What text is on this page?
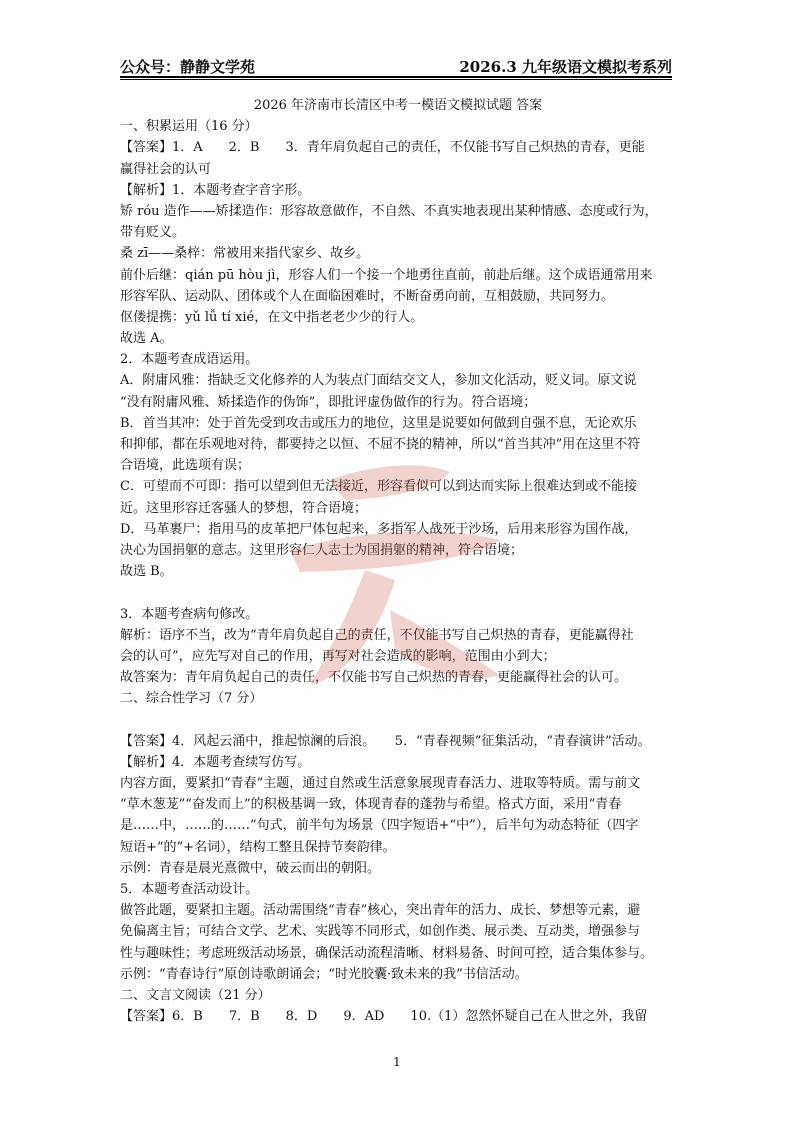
公众号：静静文学苑	2026.3 九年级语文模拟考系列
2026 年济南市长清区中考一模语文模拟试题 答案
一、积累运用（16 分）
【答案】1．A　　2．B　　3．青年肩负起自己的责任，不仅能书写自己炽热的青春，更能
赢得社会的认可
【解析】1．本题考查字音字形。
矫 róu 造作——矫揉造作：形容故意做作，不自然、不真实地表现出某种情感、态度或行为，
带有贬义。
桑 zī——桑梓：常被用来指代家乡、故乡。
前仆后继：qián pū hòu jì，形容人们一个接一个地勇往直前，前赴后继。这个成语通常用来
形容军队、运动队、团体或个人在面临困难时，不断奋勇向前，互相鼓励，共同努力。
伛偻提携：yǔ lǚ tí xié，在文中指老老少少的行人。
故选 A。
2．本题考查成语运用。
A．附庸风雅：指缺乏文化修养的人为装点门面结交文人，参加文化活动，贬义词。原文说
“没有附庸风雅、矫揉造作的伪饰”，即批评虚伪做作的行为。符合语境；
B．首当其冲：处于首先受到攻击或压力的地位，这里是说要如何做到自强不息，无论欢乐
和抑郁，都在乐观地对待，都要持之以恒、不屈不挠的精神，所以“首当其冲”用在这里不符
合语境，此选项有误；
C．可望而不可即：指可以望到但无法接近，形容看似可以到达而实际上很难达到或不能接
近。这里形容迁客骚人的梦想，符合语境；
D．马革裹尸：指用马的皮革把尸体包起来，多指军人战死于沙场，后用来形容为国作战，
决心为国捐躯的意志。这里形容仁人志士为国捐躯的精神，符合语境；
故选 B。
3．本题考查病句修改。
解析：语序不当，改为“青年肩负起自己的责任，不仅能书写自己炽热的青春，更能赢得社
会的认可”，应先写对自己的作用，再写对社会造成的影响，范围由小到大；
故答案为：青年肩负起自己的责任，不仅能书写自己炽热的青春，更能赢得社会的认可。
二、综合性学习（7 分）
【答案】4．风起云涌中，推起惊澜的后浪。　　5．“青春视频”征集活动，“青春演讲”活动。
【解析】4．本题考查续写仿写。
内容方面，要紧扣“青春”主题，通过自然或生活意象展现青春活力、进取等特质。需与前文
“草木葱茏”“奋发而上”的积极基调一致，体现青春的蓬勃与希望。格式方面，采用“青春
是……中，……的……”句式，前半句为场景（四字短语+“中”），后半句为动态特征（四字
短语+“的”+名词），结构工整且保持节奏韵律。
示例：青春是晨光熹微中，破云而出的朝阳。
5．本题考查活动设计。
做答此题，要紧扣主题。活动需围绕“青春”核心，突出青年的活力、成长、梦想等元素，避
免偏离主旨；可结合文学、艺术、实践等不同形式，如创作类、展示类、互动类，增强参与
性与趣味性；考虑班级活动场景，确保活动流程清晰、材料易备、时间可控，适合集体参与。
示例：“青春诗行”原创诗歌朗诵会；“时光胶囊·致未来的我”书信活动。
二、文言文阅读（21 分）
【答案】6．B　　7．B　　8．D　　9．AD　　10.（1）忽然怀疑自己在人世之外，我留
1
